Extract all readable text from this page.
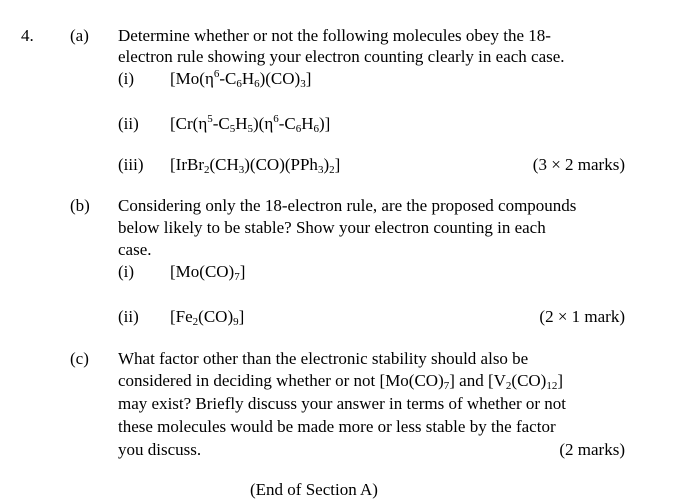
4. (a) Determine whether or not the following molecules obey the 18-
electron rule showing your electron counting clearly in each case.
(i) $[Mo(\eta^6-C_6H_6)(CO)_3]$
(ii) $[Cr(\eta^5-C_5H_5)(\eta^6-C_6H_6)]$
(iii) $[IrBr_2(CH_3)(CO)(PPh_3)_2]$	(3 × 2 marks)
(b) Considering only the 18-electron rule, are the proposed compounds
below likely to be stable? Show your electron counting in each
case.
(i) $[Mo(CO)_7]$
(ii) $[Fe_2(CO)_9]$	(2 × 1 mark)
(c) What factor other than the electronic stability should also be
considered in deciding whether or not $[Mo(CO)_7]$ and $[V_2(CO)_{12}]$
may exist? Briefly discuss your answer in terms of whether or not
these molecules would be made more or less stable by the factor
you discuss.	(2 marks)
(End of Section A)
